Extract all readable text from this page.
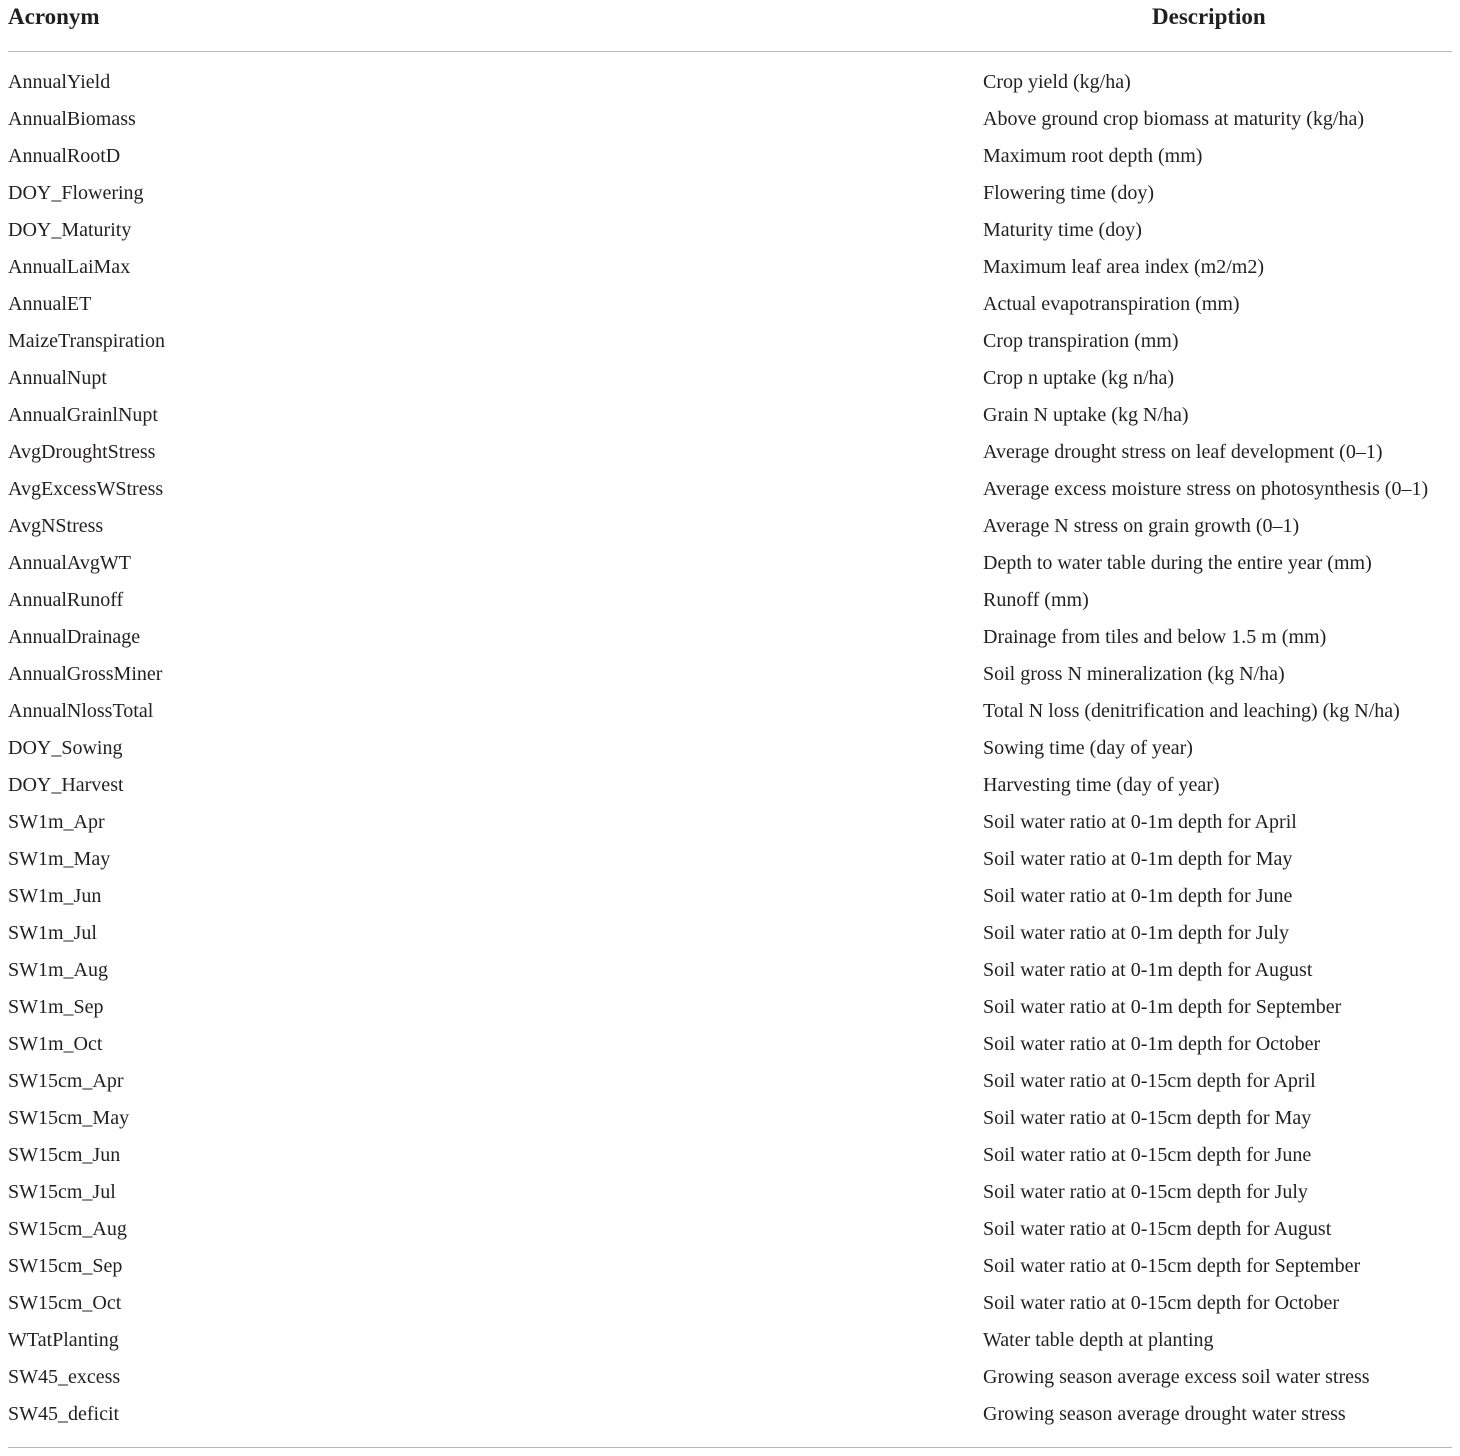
Acronym	Description
AnnualYield	Crop yield (kg/ha)
AnnualBiomass	Above ground crop biomass at maturity (kg/ha)
AnnualRootD	Maximum root depth (mm)
DOY_Flowering	Flowering time (doy)
DOY_Maturity	Maturity time (doy)
AnnualLaiMax	Maximum leaf area index (m2/m2)
AnnualET	Actual evapotranspiration (mm)
MaizeTranspiration	Crop transpiration (mm)
AnnualNupt	Crop n uptake (kg n/ha)
AnnualGrainlNupt	Grain N uptake (kg N/ha)
AvgDroughtStress	Average drought stress on leaf development (0–1)
AvgExcessWStress	Average excess moisture stress on photosynthesis (0–1)
AvgNStress	Average N stress on grain growth (0–1)
AnnualAvgWT	Depth to water table during the entire year (mm)
AnnualRunoff	Runoff (mm)
AnnualDrainage	Drainage from tiles and below 1.5 m (mm)
AnnualGrossMiner	Soil gross N mineralization (kg N/ha)
AnnualNlossTotal	Total N loss (denitrification and leaching) (kg N/ha)
DOY_Sowing	Sowing time (day of year)
DOY_Harvest	Harvesting time (day of year)
SW1m_Apr	Soil water ratio at 0-1m depth for April
SW1m_May	Soil water ratio at 0-1m depth for May
SW1m_Jun	Soil water ratio at 0-1m depth for June
SW1m_Jul	Soil water ratio at 0-1m depth for July
SW1m_Aug	Soil water ratio at 0-1m depth for August
SW1m_Sep	Soil water ratio at 0-1m depth for September
SW1m_Oct	Soil water ratio at 0-1m depth for October
SW15cm_Apr	Soil water ratio at 0-15cm depth for April
SW15cm_May	Soil water ratio at 0-15cm depth for May
SW15cm_Jun	Soil water ratio at 0-15cm depth for June
SW15cm_Jul	Soil water ratio at 0-15cm depth for July
SW15cm_Aug	Soil water ratio at 0-15cm depth for August
SW15cm_Sep	Soil water ratio at 0-15cm depth for September
SW15cm_Oct	Soil water ratio at 0-15cm depth for October
WTatPlanting	Water table depth at planting
SW45_excess	Growing season average excess soil water stress
SW45_deficit	Growing season average drought water stress
